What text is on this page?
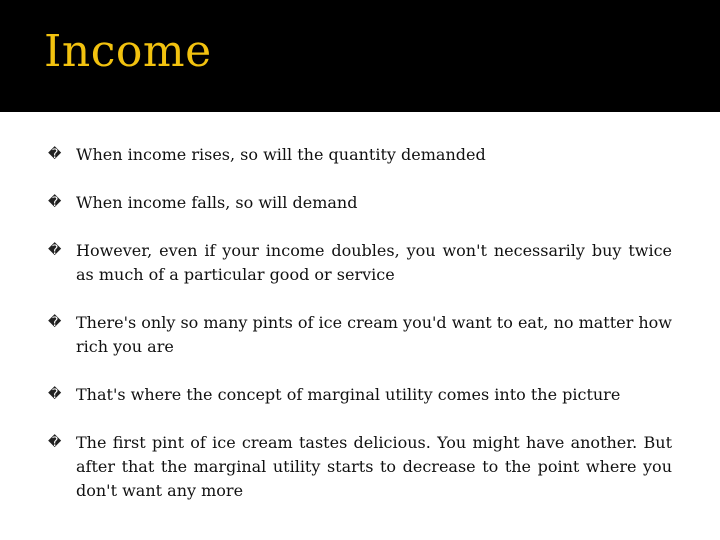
Income
� When income rises, so will the quantity demanded
� When income falls, so will demand
� However, even if your income doubles, you won't necessarily buy twice as much of a particular good or service
� There's only so many pints of ice cream you'd want to eat, no matter how rich you are
� That's where the concept of marginal utility comes into the picture
� The first pint of ice cream tastes delicious. You might have another. But after that the marginal utility starts to decrease to the point where you don't want any more
